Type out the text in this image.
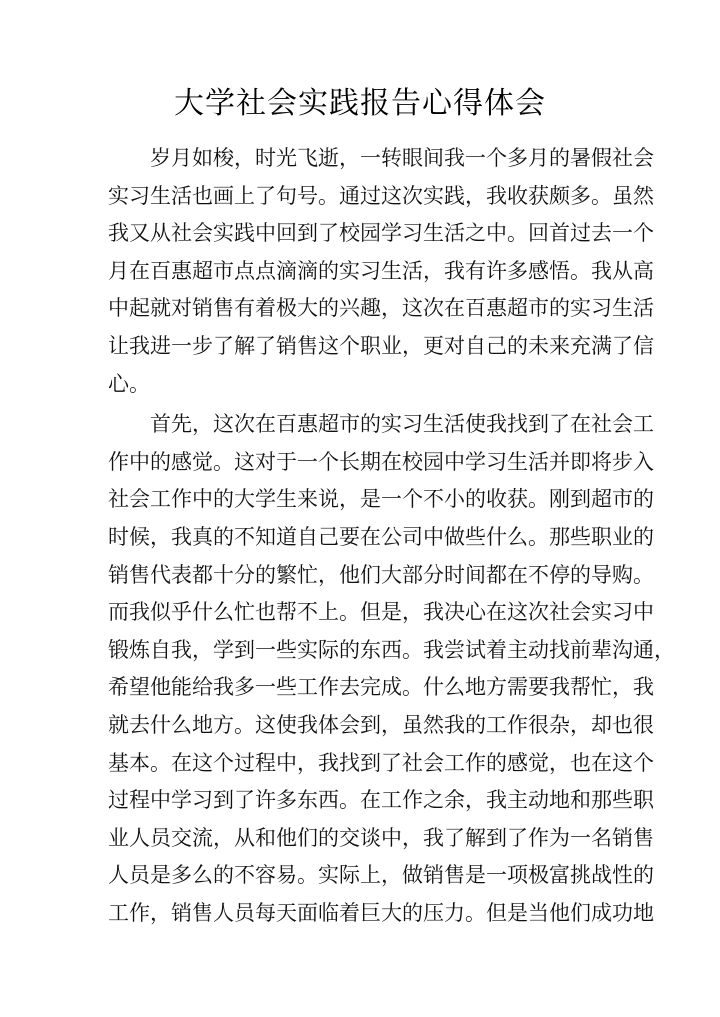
大学社会实践报告心得体会
　　岁月如梭，时光飞逝，一转眼间我一个多月的暑假社会
实习生活也画上了句号。通过这次实践，我收获颇多。虽然
我又从社会实践中回到了校园学习生活之中。回首过去一个
月在百惠超市点点滴滴的实习生活，我有许多感悟。我从高
中起就对销售有着极大的兴趣，这次在百惠超市的实习生活
让我进一步了解了销售这个职业，更对自己的未来充满了信
心。
　　首先，这次在百惠超市的实习生活使我找到了在社会工
作中的感觉。这对于一个长期在校园中学习生活并即将步入
社会工作中的大学生来说，是一个不小的收获。刚到超市的
时候，我真的不知道自己要在公司中做些什么。那些职业的
销售代表都十分的繁忙，他们大部分时间都在不停的导购。
而我似乎什么忙也帮不上。但是，我决心在这次社会实习中
锻炼自我，学到一些实际的东西。我尝试着主动找前辈沟通，
希望他能给我多一些工作去完成。什么地方需要我帮忙，我
就去什么地方。这使我体会到，虽然我的工作很杂，却也很
基本。在这个过程中，我找到了社会工作的感觉，也在这个
过程中学习到了许多东西。在工作之余，我主动地和那些职
业人员交流，从和他们的交谈中，我了解到了作为一名销售
人员是多么的不容易。实际上，做销售是一项极富挑战性的
工作，销售人员每天面临着巨大的压力。但是当他们成功地
